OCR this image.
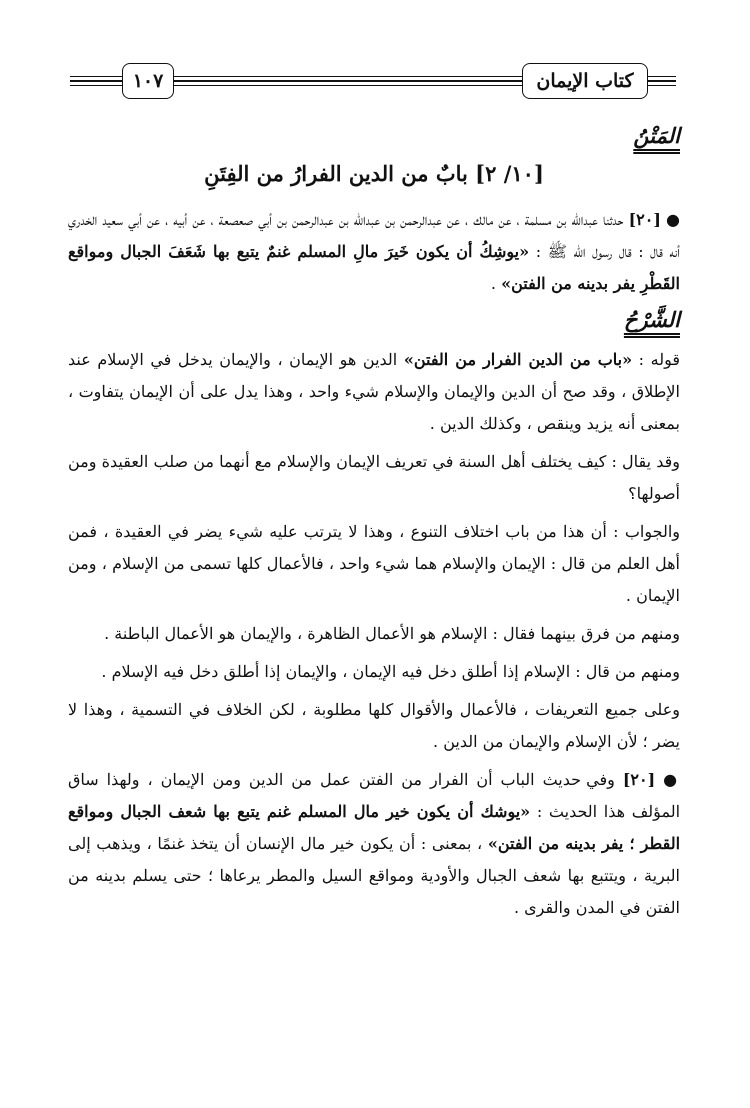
كتاب الإيمان
١٠٧
المَتْنُ
[١٠/ ٢] بابٌ من الدين الفرارُ من الفِتَنِ

● [٢٠] حدثنا عبدالله بن مسلمة ، عن مالك ، عن عبدالرحمن بن عبدالله بن عبدالرحمن بن أبي صعصعة ، عن أبيه ، عن أبي سعيد الخدري أنه قال : قال رسول الله ﷺ : «يوشِكُ أن يكون خَيرَ مالِ المسلم غنمٌ يتبع بها شَعَفَ الجبال ومواقع القَطْرِ يفر بدينه من الفتن» .

الشَّرْحُ

قوله : «باب من الدين الفرار من الفتن» الدين هو الإيمان ، والإيمان يدخل في الإسلام عند الإطلاق ، وقد صح أن الدين والإيمان والإسلام شيء واحد ، وهذا يدل على أن الإيمان يتفاوت ، بمعنى أنه يزيد وينقص ، وكذلك الدين .

وقد يقال : كيف يختلف أهل السنة في تعريف الإيمان والإسلام مع أنهما من صلب العقيدة ومن أصولها؟

والجواب : أن هذا من باب اختلاف التنوع ، وهذا لا يترتب عليه شيء يضر في العقيدة ، فمن أهل العلم من قال : الإيمان والإسلام هما شيء واحد ، فالأعمال كلها تسمى من الإسلام ، ومن الإيمان .

ومنهم من فرق بينهما فقال : الإسلام هو الأعمال الظاهرة ، والإيمان هو الأعمال الباطنة .

ومنهم من قال : الإسلام إذا أطلق دخل فيه الإيمان ، والإيمان إذا أطلق دخل فيه الإسلام .

وعلى جميع التعريفات ، فالأعمال والأقوال كلها مطلوبة ، لكن الخلاف في التسمية ، وهذا لا يضر ؛ لأن الإسلام والإيمان من الدين .

● [٢٠] وفي حديث الباب أن الفرار من الفتن عمل من الدين ومن الإيمان ، ولهذا ساق المؤلف هذا الحديث : «يوشك أن يكون خير مال المسلم غنم يتبع بها شعف الجبال ومواقع القطر ؛ يفر بدينه من الفتن» ، بمعنى : أن يكون خير مال الإنسان أن يتخذ غنمًا ، ويذهب إلى البرية ، ويتتبع بها شعف الجبال والأودية ومواقع السيل والمطر يرعاها ؛ حتى يسلم بدينه من الفتن في المدن والقرى .
